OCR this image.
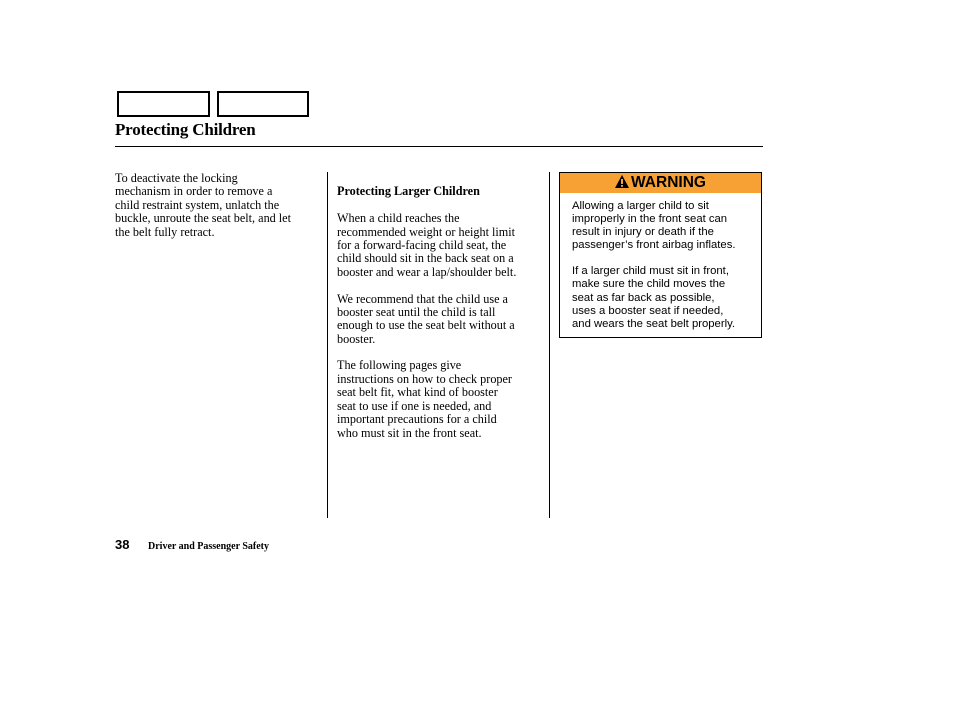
Protecting Children

To deactivate the locking
mechanism in order to remove a
child restraint system, unlatch the
buckle, unroute the seat belt, and let
the belt fully retract.

Protecting Larger Children

When a child reaches the
recommended weight or height limit
for a forward-facing child seat, the
child should sit in the back seat on a
booster and wear a lap/shoulder belt.

We recommend that the child use a
booster seat until the child is tall
enough to use the seat belt without a
booster.

The following pages give
instructions on how to check proper
seat belt fit, what kind of booster
seat to use if one is needed, and
important precautions for a child
who must sit in the front seat.

WARNING

Allowing a larger child to sit
improperly in the front seat can
result in injury or death if the
passenger’s front airbag inflates.

If a larger child must sit in front,
make sure the child moves the
seat as far back as possible,
uses a booster seat if needed,
and wears the seat belt properly.

38 Driver and Passenger Safety
